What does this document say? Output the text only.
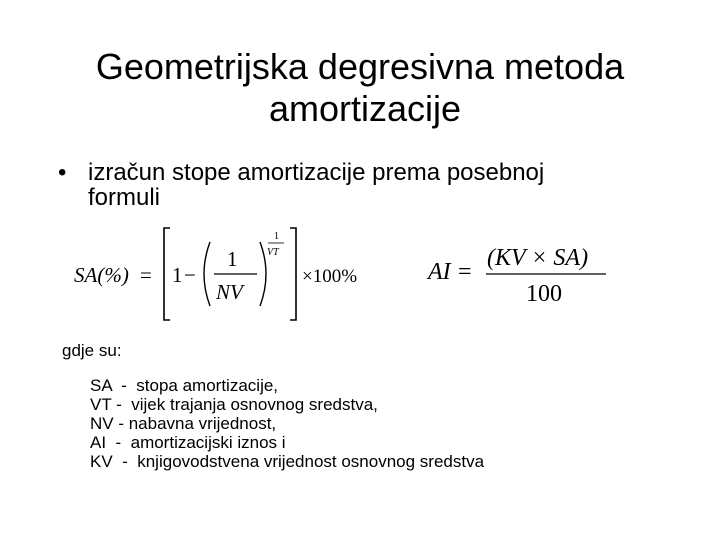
Geometrijska degresivna metoda
amortizacije
• izračun stope amortizacije prema posebnoj
formuli
SA(%) = 1 −
1
NV
1
VT
×100%	AI =
(KV × SA)
100
gdje su:
SA  -  stopa amortizacije,
VT -  vijek trajanja osnovnog sredstva,
NV - nabavna vrijednost,
AI  -  amortizacijski iznos i
KV  -  knjigovodstvena vrijednost osnovnog sredstva
